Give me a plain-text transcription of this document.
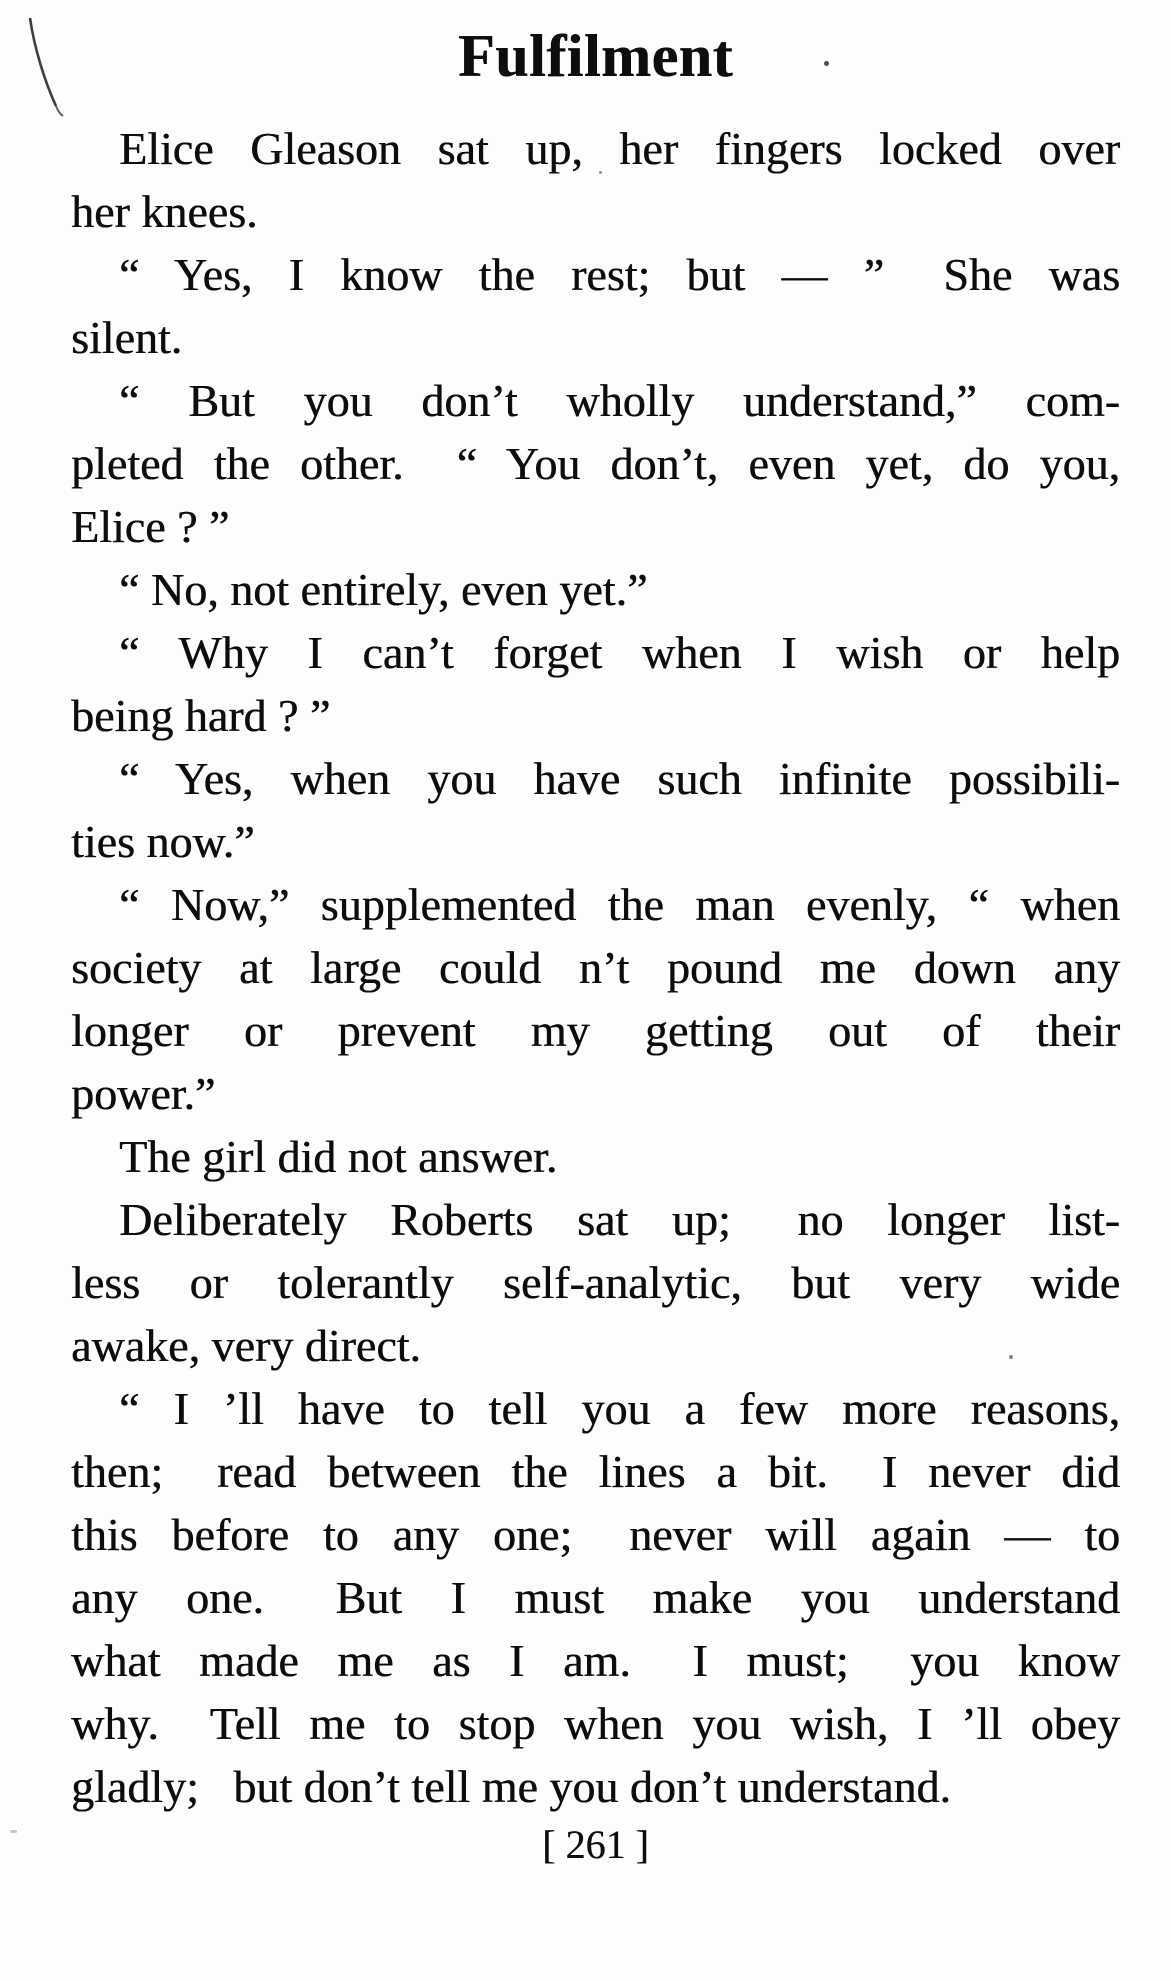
Fulfilment
Elice Gleason sat up, her fingers locked over
her knees.
“ Yes, I know the rest; but — ”  She was
silent.
“ But you don’t wholly understand,” com-
pleted the other.  “ You don’t, even yet, do you,
Elice ? ”
“ No, not entirely, even yet.”
“ Why I can’t forget when I wish or help
being hard ? ”
“ Yes, when you have such infinite possibili-
ties now.”
“ Now,” supplemented the man evenly, “ when
society at large could n’t pound me down any
longer or prevent my getting out of their
power.”
The girl did not answer.
Deliberately Roberts sat up;  no longer list-
less or tolerantly self-analytic, but very wide
awake, very direct.
“ I ’ll have to tell you a few more reasons,
then;  read between the lines a bit.  I never did
this before to any one;  never will again — to
any one.  But I must make you understand
what made me as I am.  I must;  you know
why.  Tell me to stop when you wish, I ’ll obey
gladly;  but don’t tell me you don’t understand.
[ 261 ]
